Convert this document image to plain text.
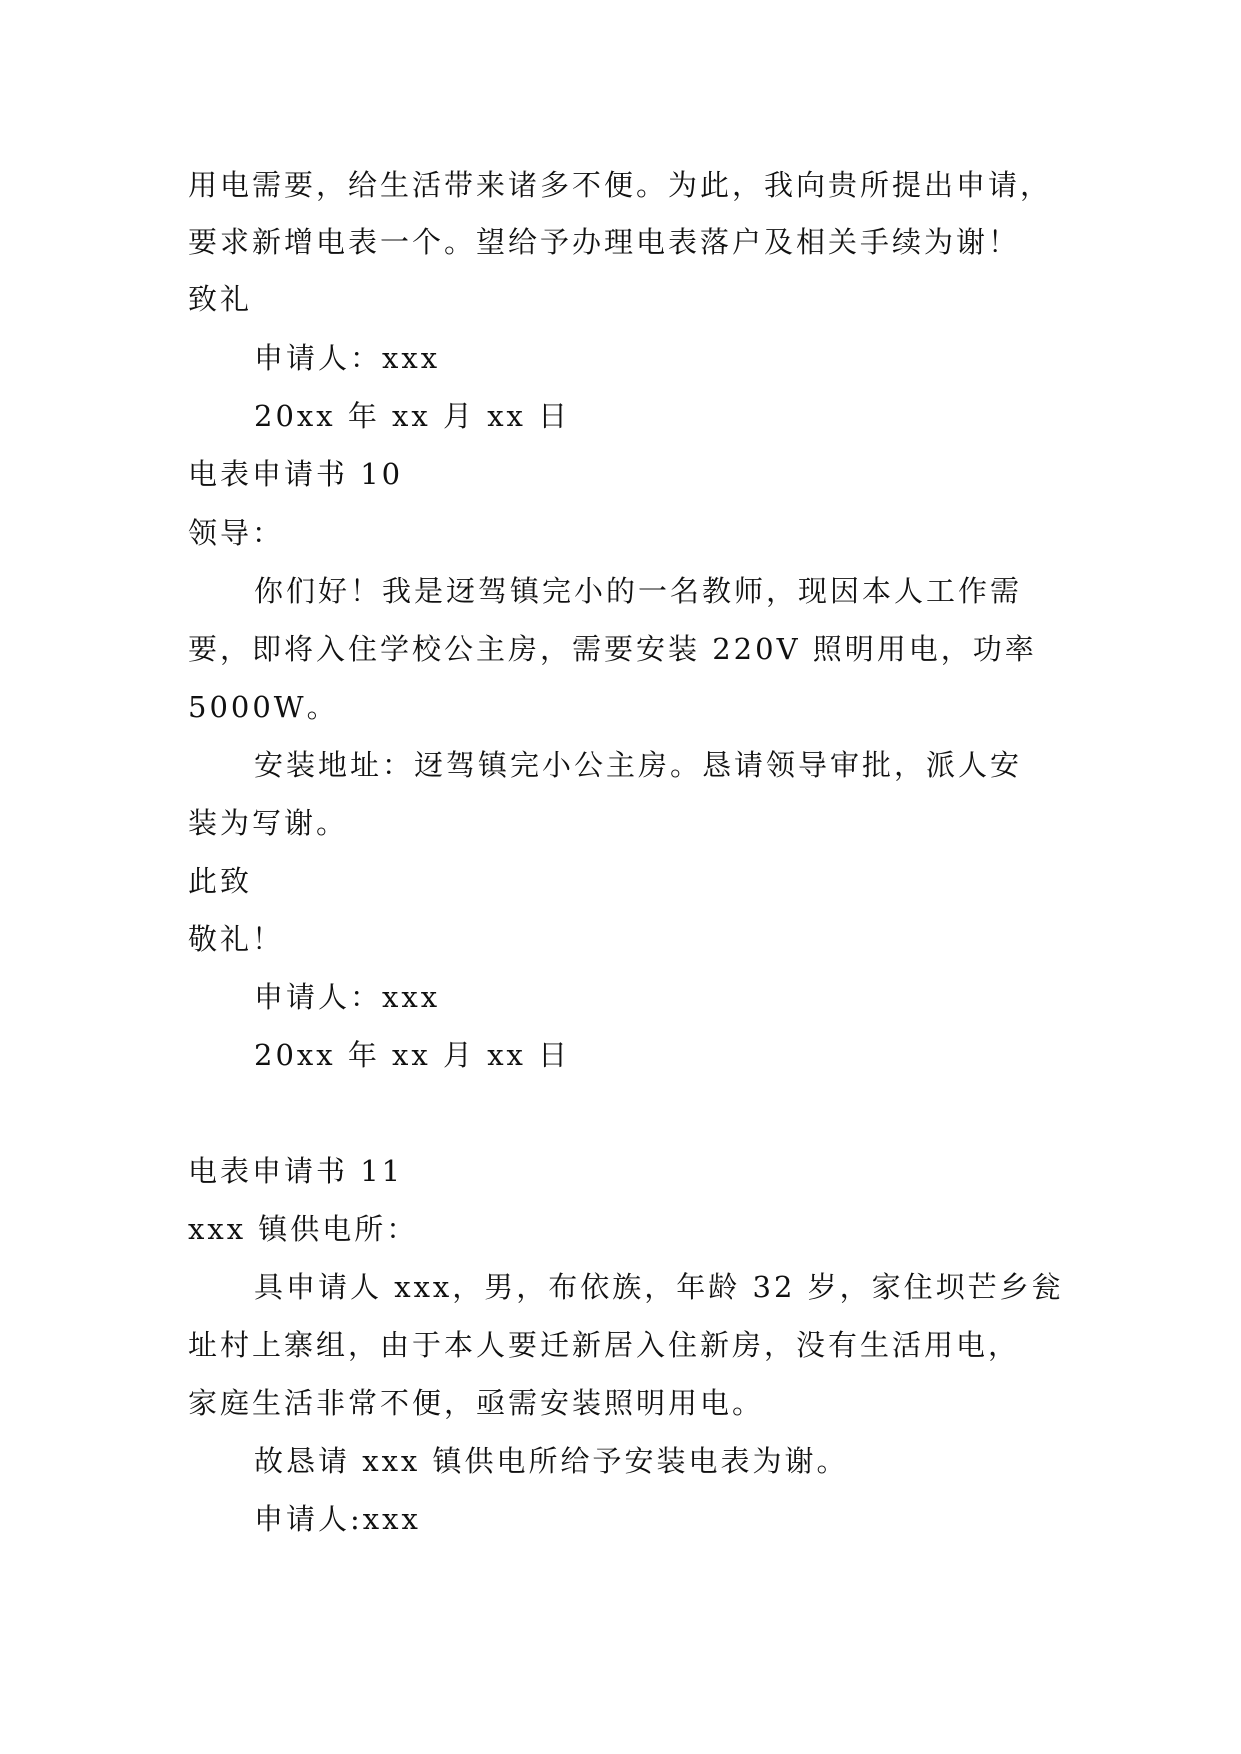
用电需要，给生活带来诸多不便。为此，我向贵所提出申请，

要求新增电表一个。望给予办理电表落户及相关手续为谢！

致礼

申请人：xxx

20xx 年 xx 月 xx 日

电表申请书 10

领导：

你们好！我是迓驾镇完小的一名教师，现因本人工作需

要，即将入住学校公主房，需要安装 220V 照明用电，功率

5000W。

安装地址：迓驾镇完小公主房。恳请领导审批，派人安

装为写谢。

此致

敬礼！

申请人：xxx

20xx 年 xx 月 xx 日

电表申请书 11

xxx 镇供电所：

具申请人 xxx，男，布依族，年龄 32 岁，家住坝芒乡瓮

址村上寨组，由于本人要迁新居入住新房，没有生活用电，

家庭生活非常不便，亟需安装照明用电。

故恳请 xxx 镇供电所给予安装电表为谢。

申请人:xxx
